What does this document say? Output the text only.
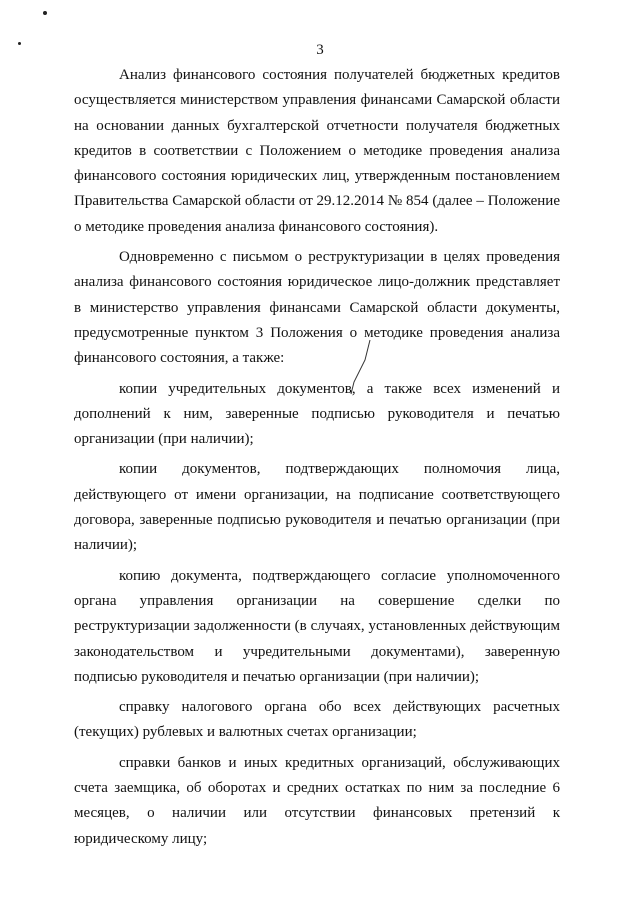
3

Анализ финансового состояния получателей бюджетных кредитов осуществляется министерством управления финансами Самарской области на основании данных бухгалтерской отчетности получателя бюджетных кредитов в соответствии с Положением о методике проведения анализа финансового состояния юридических лиц, утвержденным постановлением Правительства Самарской области от 29.12.2014 № 854 (далее – Положение о методике проведения анализа финансового состояния).

Одновременно с письмом о реструктуризации в целях проведения анализа финансового состояния юридическое лицо-должник представляет в министерство управления финансами Самарской области документы, предусмотренные пунктом 3 Положения о методике проведения анализа финансового состояния, а также:

копии учредительных документов, а также всех изменений и дополнений к ним, заверенные подписью руководителя и печатью организации (при наличии);

копии документов, подтверждающих полномочия лица, действующего от имени организации, на подписание соответствующего договора, заверенные подписью руководителя и печатью организации (при наличии);

копию документа, подтверждающего согласие уполномоченного органа управления организации на совершение сделки по реструктуризации задолженности (в случаях, установленных действующим законодательством и учредительными документами), заверенную подписью руководителя и печатью организации (при наличии);

справку налогового органа обо всех действующих расчетных (текущих) рублевых и валютных счетах организации;

справки банков и иных кредитных организаций, обслуживающих счета заемщика, об оборотах и средних остатках по ним за последние 6 месяцев, о наличии или отсутствии финансовых претензий к юридическому лицу;
